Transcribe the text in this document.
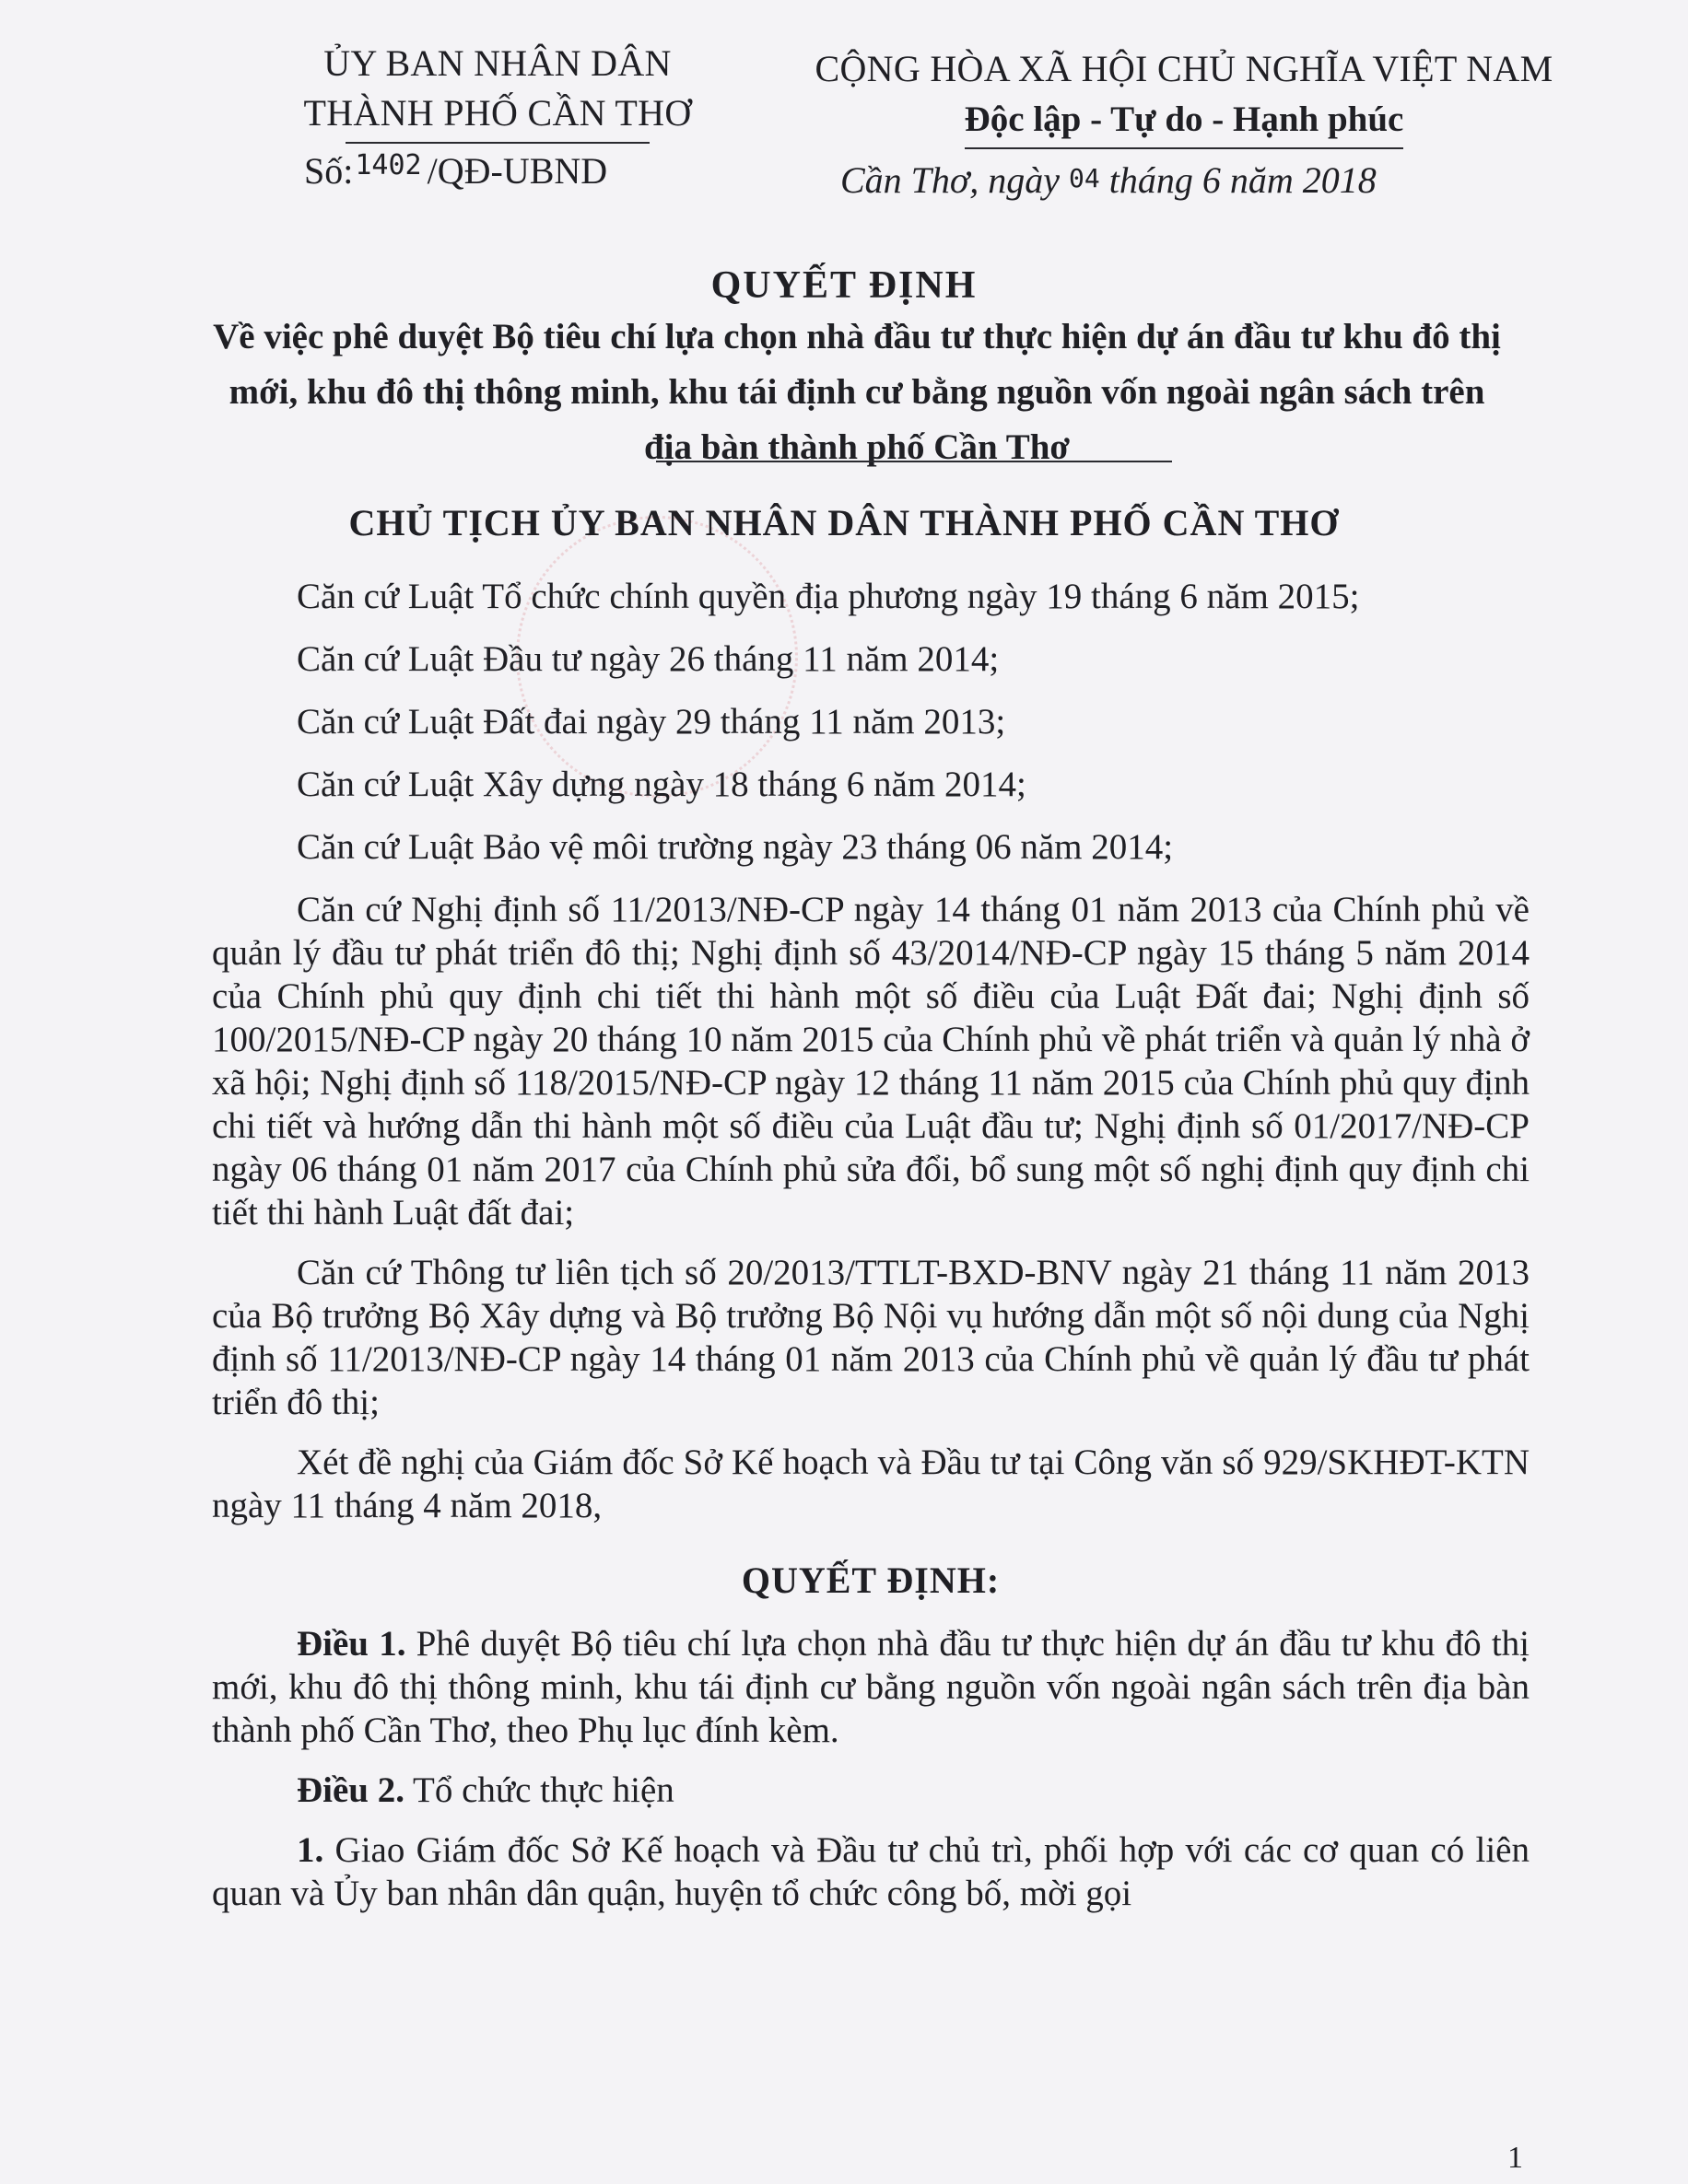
ỦY BAN NHÂN DÂN
THÀNH PHỐ CẦN THƠ
CỘNG HÒA XÃ HỘI CHỦ NGHĨA VIỆT NAM
Độc lập - Tự do - Hạnh phúc
Số:$^{1402}$ /QĐ-UBND	Cần Thơ, ngày 04 tháng 6 năm 2018
QUYẾT ĐỊNH
Về việc phê duyệt Bộ tiêu chí lựa chọn nhà đầu tư thực hiện dự án đầu tư khu đô thị mới, khu đô thị thông minh, khu tái định cư bằng nguồn vốn ngoài ngân sách trên địa bàn thành phố Cần Thơ
CHỦ TỊCH ỦY BAN NHÂN DÂN THÀNH PHỐ CẦN THƠ

Căn cứ Luật Tổ chức chính quyền địa phương ngày 19 tháng 6 năm 2015;

Căn cứ Luật Đầu tư ngày 26 tháng 11 năm 2014;

Căn cứ Luật Đất đai ngày 29 tháng 11 năm 2013;

Căn cứ Luật Xây dựng ngày 18 tháng 6 năm 2014;

Căn cứ Luật Bảo vệ môi trường ngày 23 tháng 06 năm 2014;

Căn cứ Nghị định số 11/2013/NĐ-CP ngày 14 tháng 01 năm 2013 của Chính phủ về quản lý đầu tư phát triển đô thị; Nghị định số 43/2014/NĐ-CP ngày 15 tháng 5 năm 2014 của Chính phủ quy định chi tiết thi hành một số điều của Luật Đất đai; Nghị định số 100/2015/NĐ-CP ngày 20 tháng 10 năm 2015 của Chính phủ về phát triển và quản lý nhà ở xã hội; Nghị định số 118/2015/NĐ-CP ngày 12 tháng 11 năm 2015 của Chính phủ quy định chi tiết và hướng dẫn thi hành một số điều của Luật đầu tư; Nghị định số 01/2017/NĐ-CP ngày 06 tháng 01 năm 2017 của Chính phủ sửa đổi, bổ sung một số nghị định quy định chi tiết thi hành Luật đất đai;

Căn cứ Thông tư liên tịch số 20/2013/TTLT-BXD-BNV ngày 21 tháng 11 năm 2013 của Bộ trưởng Bộ Xây dựng và Bộ trưởng Bộ Nội vụ hướng dẫn một số nội dung của Nghị định số 11/2013/NĐ-CP ngày 14 tháng 01 năm 2013 của Chính phủ về quản lý đầu tư phát triển đô thị;

Xét đề nghị của Giám đốc Sở Kế hoạch và Đầu tư tại Công văn số 929/SKHĐT-KTN ngày 11 tháng 4 năm 2018,

QUYẾT ĐỊNH:

Điều 1. Phê duyệt Bộ tiêu chí lựa chọn nhà đầu tư thực hiện dự án đầu tư khu đô thị mới, khu đô thị thông minh, khu tái định cư bằng nguồn vốn ngoài ngân sách trên địa bàn thành phố Cần Thơ, theo Phụ lục đính kèm.

Điều 2. Tổ chức thực hiện

1. Giao Giám đốc Sở Kế hoạch và Đầu tư chủ trì, phối hợp với các cơ quan có liên quan và Ủy ban nhân dân quận, huyện tổ chức công bố, mời gọi

1
